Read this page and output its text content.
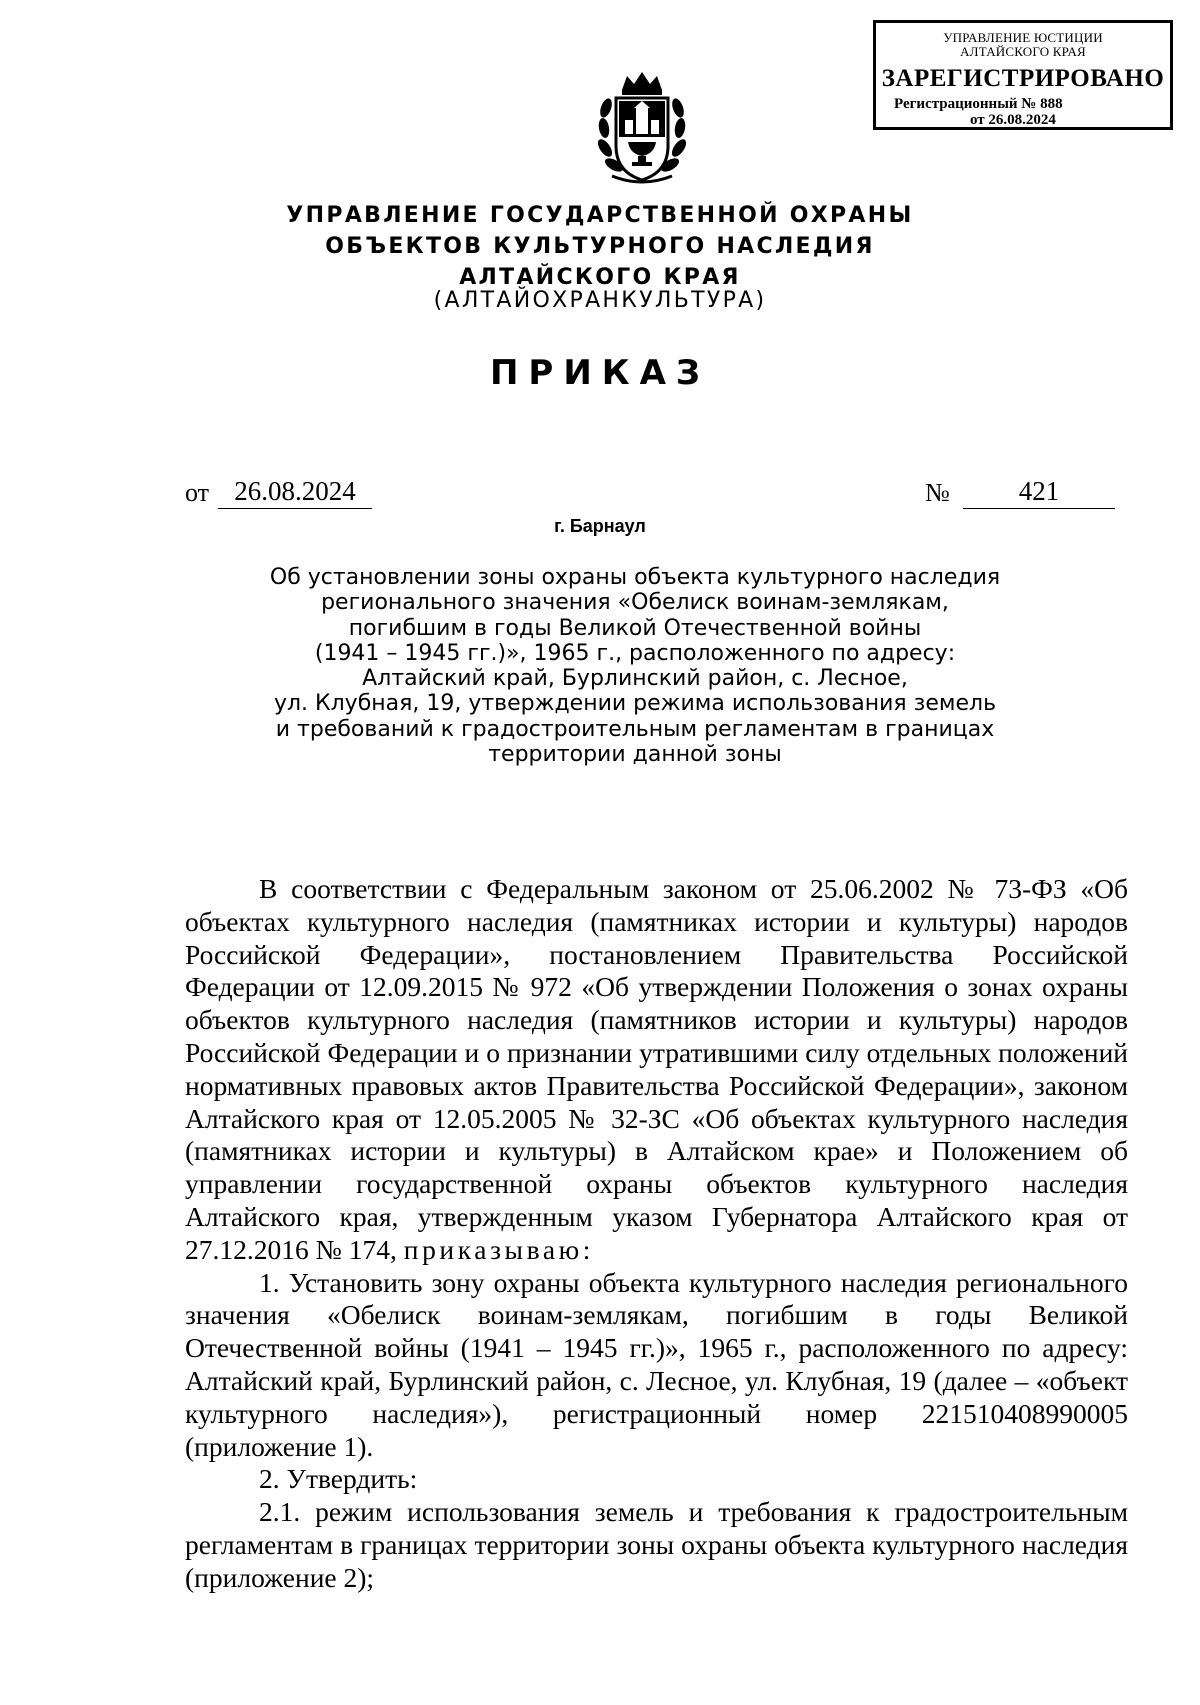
УПРАВЛЕНИЕ ЮСТИЦИИ
АЛТАЙСКОГО КРАЯ
ЗАРЕГИСТРИРОВАНО
Регистрационный № 888
от 26.08.2024
УПРАВЛЕНИЕ ГОСУДАРСТВЕННОЙ ОХРАНЫ
ОБЪЕКТОВ КУЛЬТУРНОГО НАСЛЕДИЯ
АЛТАЙСКОГО КРАЯ
(АЛТАЙОХРАНКУЛЬТУРА)
ПРИКАЗ
от 26.08.2024	№	421
г. Барнаул
Об установлении зоны охраны объекта культурного наследия
регионального значения «Обелиск воинам-землякам,
погибшим в годы Великой Отечественной войны
(1941 – 1945 гг.)», 1965 г., расположенного по адресу:
Алтайский край, Бурлинский район, с. Лесное,
ул. Клубная, 19, утверждении режима использования земель
и требований к градостроительным регламентам в границах
территории данной зоны

В соответствии с Федеральным законом от 25.06.2002 № 73-ФЗ «Об объектах культурного наследия (памятниках истории и культуры) народов Российской Федерации», постановлением Правительства Российской Федерации от 12.09.2015 № 972 «Об утверждении Положения о зонах охраны объектов культурного наследия (памятников истории и культуры) народов Российской Федерации и о признании утратившими силу отдельных положений нормативных правовых актов Правительства Российской Федерации», законом Алтайского края от 12.05.2005 № 32-ЗС «Об объектах культурного наследия (памятниках истории и культуры) в Алтайском крае» и Положением об управлении государственной охраны объектов культурного наследия Алтайского края, утвержденным указом Губернатора Алтайского края от 27.12.2016 № 174, приказываю:

1. Установить зону охраны объекта культурного наследия регионального значения «Обелиск воинам-землякам, погибшим в годы Великой Отечественной войны (1941 – 1945 гг.)», 1965 г., расположенного по адресу: Алтайский край, Бурлинский район, с. Лесное, ул. Клубная, 19 (далее – «объект культурного наследия»), регистрационный номер 221510408990005 (приложение 1).

2. Утвердить:

2.1. режим использования земель и требования к градостроительным регламентам в границах территории зоны охраны объекта культурного наследия (приложение 2);
